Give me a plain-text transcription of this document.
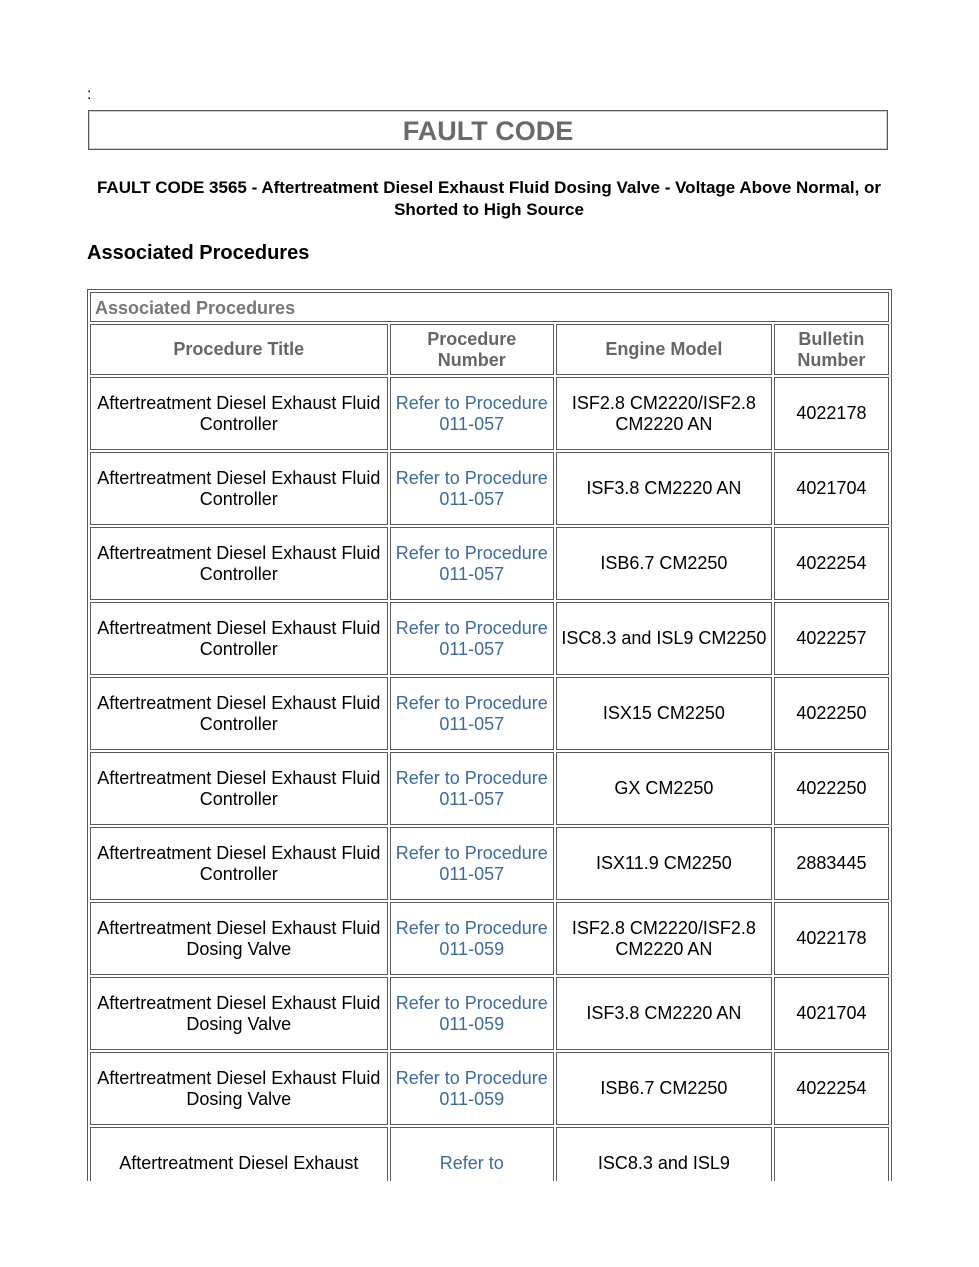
:
FAULT CODE
FAULT CODE 3565 - Aftertreatment Diesel Exhaust Fluid Dosing Valve - Voltage Above Normal, or Shorted to High Source
Associated Procedures
Associated Procedures			
Procedure Title	Procedure Number	Engine Model	Bulletin Number
Aftertreatment Diesel Exhaust Fluid Controller	Refer to Procedure 011-057	ISF2.8 CM2220/ISF2.8 CM2220 AN	4022178
Aftertreatment Diesel Exhaust Fluid Controller	Refer to Procedure 011-057	ISF3.8 CM2220 AN	4021704
Aftertreatment Diesel Exhaust Fluid Controller	Refer to Procedure 011-057	ISB6.7 CM2250	4022254
Aftertreatment Diesel Exhaust Fluid Controller	Refer to Procedure 011-057	ISC8.3 and ISL9 CM2250	4022257
Aftertreatment Diesel Exhaust Fluid Controller	Refer to Procedure 011-057	ISX15 CM2250	4022250
Aftertreatment Diesel Exhaust Fluid Controller	Refer to Procedure 011-057	GX CM2250	4022250
Aftertreatment Diesel Exhaust Fluid Controller	Refer to Procedure 011-057	ISX11.9 CM2250	2883445
Aftertreatment Diesel Exhaust Fluid Dosing Valve	Refer to Procedure 011-059	ISF2.8 CM2220/ISF2.8 CM2220 AN	4022178
Aftertreatment Diesel Exhaust Fluid Dosing Valve	Refer to Procedure 011-059	ISF3.8 CM2220 AN	4021704
Aftertreatment Diesel Exhaust Fluid Dosing Valve	Refer to Procedure 011-059	ISB6.7 CM2250	4022254
Aftertreatment Diesel Exhaust	Refer to	ISC8.3 and ISL9	
